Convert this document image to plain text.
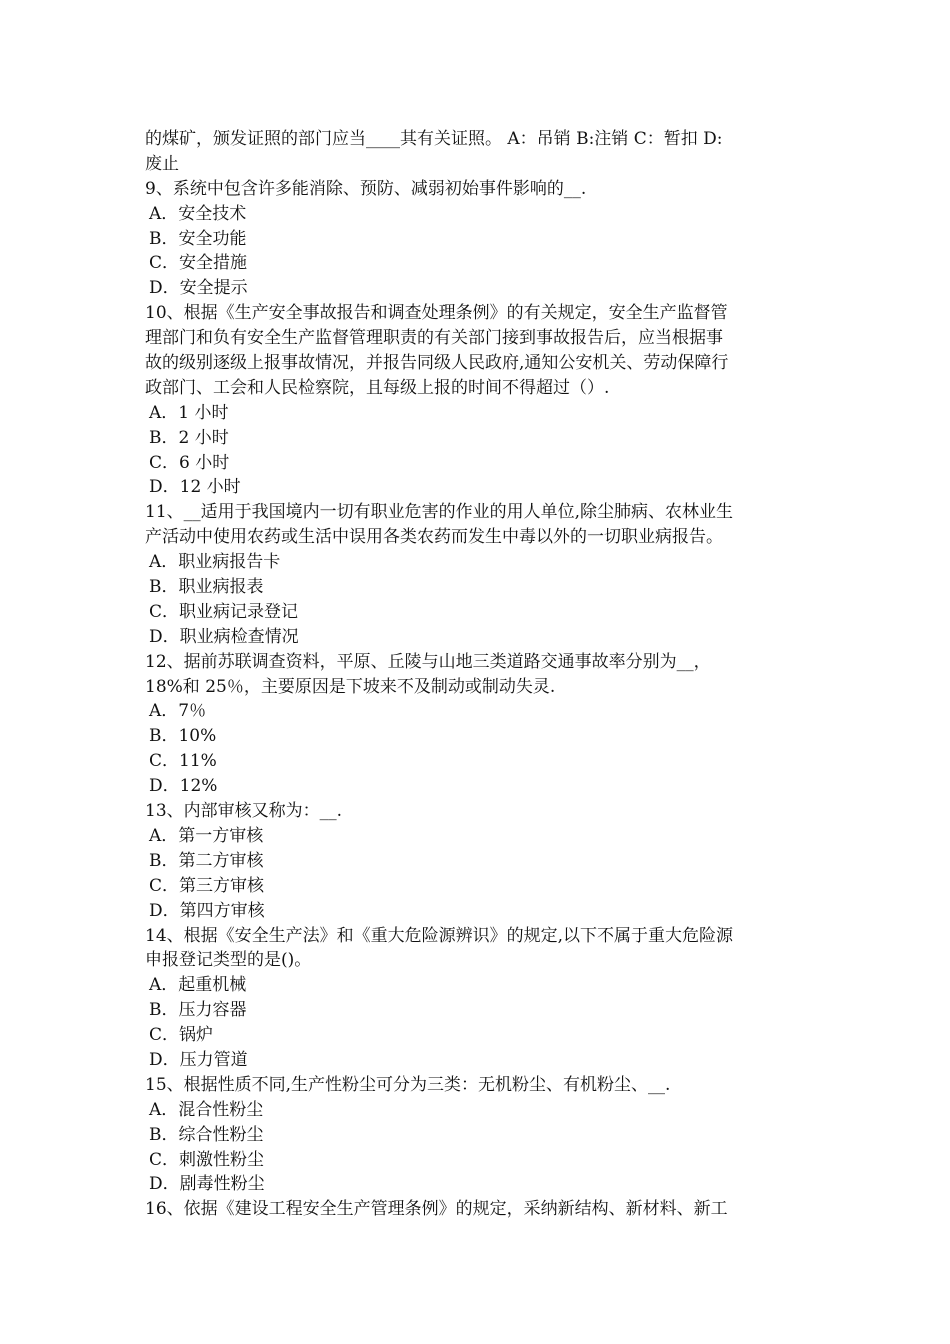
的煤矿，颁发证照的部门应当____其有关证照。 A：吊销 B:注销 C：暂扣 D:
废止
9、系统中包含许多能消除、预防、减弱初始事件影响的__.
A．安全技术
B．安全功能
C．安全措施
D．安全提示
10、根据《生产安全事故报告和调查处理条例》的有关规定，安全生产监督管
理部门和负有安全生产监督管理职责的有关部门接到事故报告后，应当根据事
故的级别逐级上报事故情况，并报告同级人民政府,通知公安机关、劳动保障行
政部门、工会和人民检察院，且每级上报的时间不得超过（）.
A．1 小时
B．2 小时
C．6 小时
D．12 小时
11、__适用于我国境内一切有职业危害的作业的用人单位,除尘肺病、农林业生
产活动中使用农药或生活中误用各类农药而发生中毒以外的一切职业病报告。
A．职业病报告卡
B．职业病报表
C．职业病记录登记
D．职业病检查情况
12、据前苏联调查资料，平原、丘陵与山地三类道路交通事故率分别为__，
18%和 25％，主要原因是下坡来不及制动或制动失灵.
A．7％
B．10%
C．11%
D．12%
13、内部审核又称为：__.
A．第一方审核
B．第二方审核
C．第三方审核
D．第四方审核
14、根据《安全生产法》和《重大危险源辨识》的规定,以下不属于重大危险源
申报登记类型的是()。
A．起重机械
B．压力容器
C．锅炉
D．压力管道
15、根据性质不同,生产性粉尘可分为三类：无机粉尘、有机粉尘、__.
A．混合性粉尘
B．综合性粉尘
C．刺激性粉尘
D．剧毒性粉尘
16、依据《建设工程安全生产管理条例》的规定，采纳新结构、新材料、新工
